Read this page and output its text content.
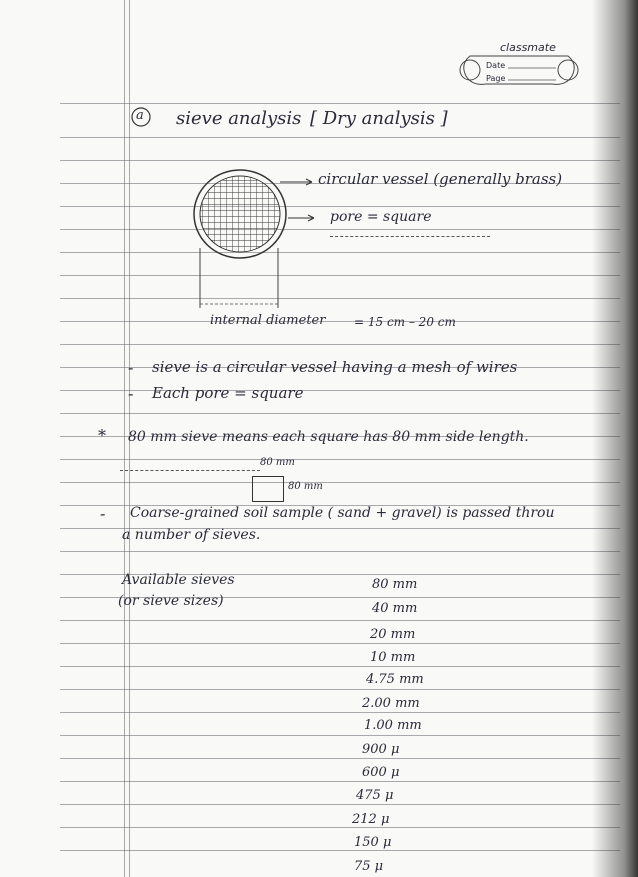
classmate
Date
Page
a sieve analysis [ Dry analysis ]
circular vessel (generally brass)
pore = square
internal diameter = 15 cm – 20 cm
- sieve is a circular vessel having a mesh of wires
- Each pore = square
* 80 mm sieve means each square has 80 mm side length.
80 mm
80 mm
- Coarse-grained soil sample ( sand + gravel) is passed throu
a number of sieves.
Available sieves
(or sieve sizes)
80 mm
40 mm
20 mm
10 mm
4.75 mm
2.00 mm
1.00 mm
900 μ
600 μ
475 μ
212 μ
150 μ
75 μ
